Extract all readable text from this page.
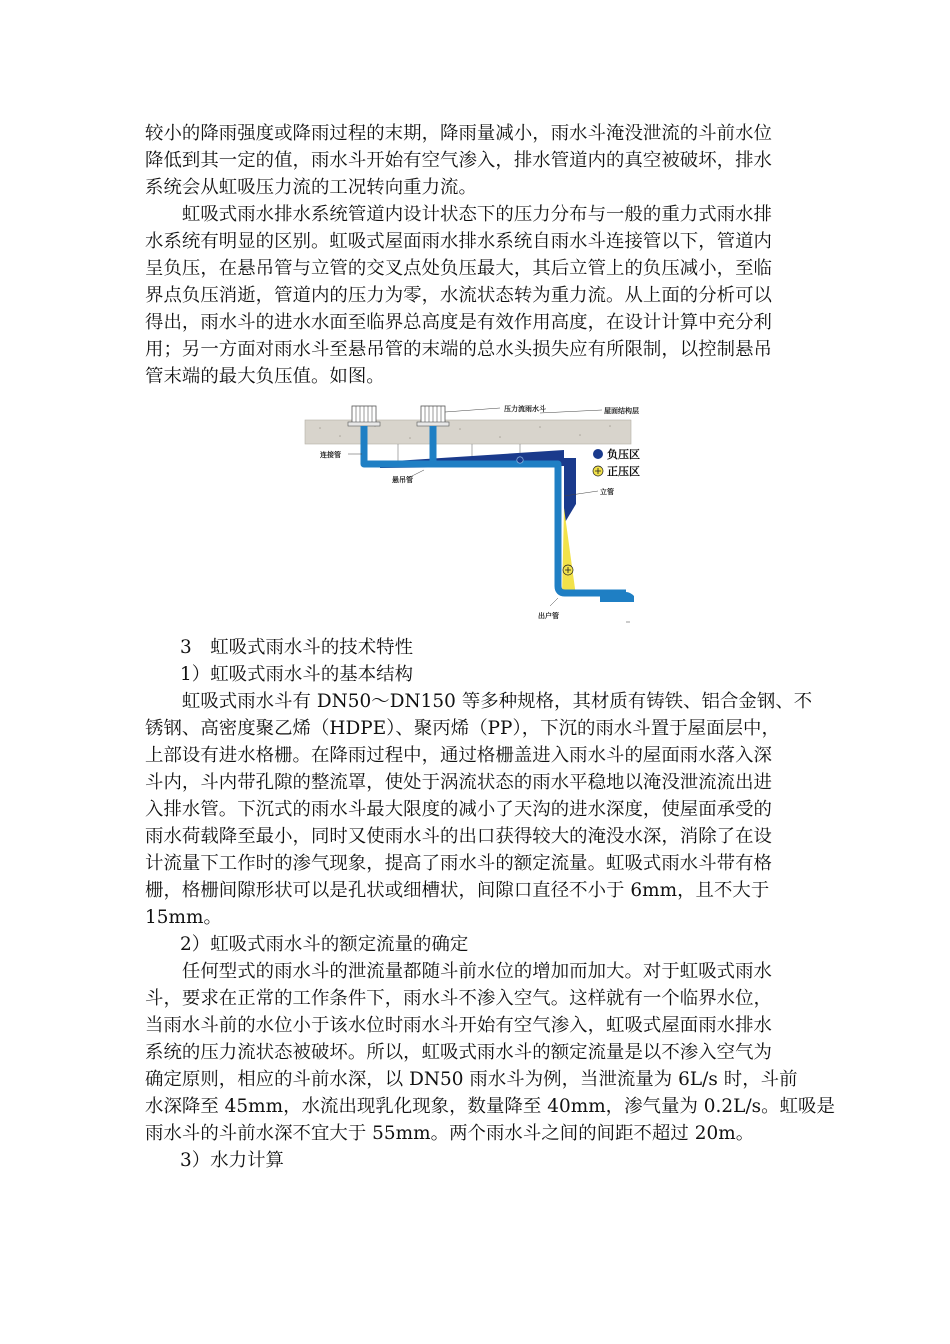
较小的降雨强度或降雨过程的末期，降雨量减小，雨水斗淹没泄流的斗前水位
降低到其一定的值，雨水斗开始有空气渗入，排水管道内的真空被破坏，排水
系统会从虹吸压力流的工况转向重力流。
　　虹吸式雨水排水系统管道内设计状态下的压力分布与一般的重力式雨水排
水系统有明显的区别。虹吸式屋面雨水排水系统自雨水斗连接管以下，管道内
呈负压，在悬吊管与立管的交叉点处负压最大，其后立管上的负压减小，至临
界点负压消逝，管道内的压力为零，水流状态转为重力流。从上面的分析可以
得出，雨水斗的进水水面至临界总高度是有效作用高度，在设计计算中充分利
用；另一方面对雨水斗至悬吊管的末端的总水头损失应有所限制，以控制悬吊
管末端的最大负压值。如图。
压力流雨水斗	屋面结构层
连接管
悬吊管
立管
出户管
负压区
正压区
3　虹吸式雨水斗的技术特性
1）虹吸式雨水斗的基本结构
　　虹吸式雨水斗有 DN50～DN150 等多种规格，其材质有铸铁、铝合金钢、不
锈钢、高密度聚乙烯（HDPE）、聚丙烯（PP），下沉的雨水斗置于屋面层中，
上部设有进水格栅。在降雨过程中，通过格栅盖进入雨水斗的屋面雨水落入深
斗内，斗内带孔隙的整流罩，使处于涡流状态的雨水平稳地以淹没泄流流出进
入排水管。下沉式的雨水斗最大限度的减小了天沟的进水深度，使屋面承受的
雨水荷载降至最小，同时又使雨水斗的出口获得较大的淹没水深，消除了在设
计流量下工作时的渗气现象，提高了雨水斗的额定流量。虹吸式雨水斗带有格
栅，格栅间隙形状可以是孔状或细槽状，间隙口直径不小于 6mm，且不大于
15mm。
2）虹吸式雨水斗的额定流量的确定
　　任何型式的雨水斗的泄流量都随斗前水位的增加而加大。对于虹吸式雨水
斗，要求在正常的工作条件下，雨水斗不渗入空气。这样就有一个临界水位，
当雨水斗前的水位小于该水位时雨水斗开始有空气渗入，虹吸式屋面雨水排水
系统的压力流状态被破坏。所以，虹吸式雨水斗的额定流量是以不渗入空气为
确定原则，相应的斗前水深，以 DN50 雨水斗为例，当泄流量为 6L/s 时，斗前
水深降至 45mm，水流出现乳化现象，数量降至 40mm，渗气量为 0.2L/s。虹吸是
雨水斗的斗前水深不宜大于 55mm。两个雨水斗之间的间距不超过 20m。
3）水力计算
